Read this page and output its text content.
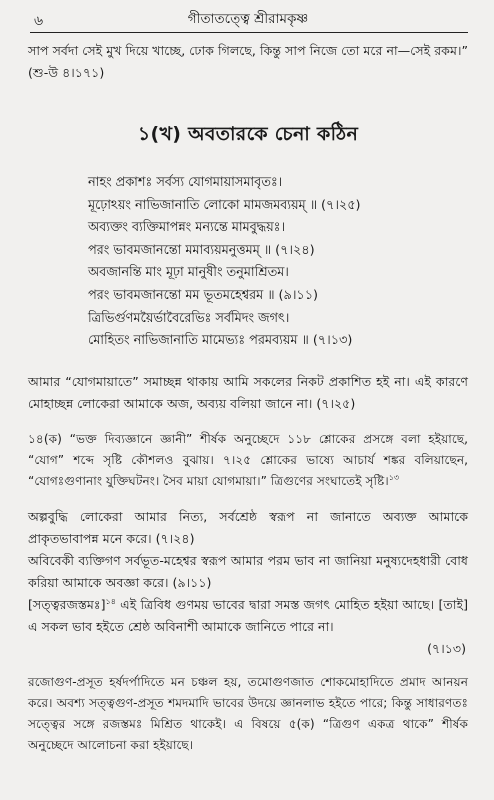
৬	গীতাতত্ত্বে শ্রীরামকৃষ্ণ

সাপ সর্বদা সেই মুখ দিয়ে খাচ্ছে, ঢোক গিলছে, কিন্তু সাপ নিজে তো মরে না—সেই রকম।” (শু-উ ৪।১৭১)

১(খ) অবতারকে চেনা কঠিন
নাহং প্রকাশঃ সর্বস্য যোগমায়াসমাবৃতঃ।
মূঢ়োঽয়ং নাভিজানাতি লোকো মামজমব্যয়ম্ ॥ (৭।২৫)
অব্যক্তং ব্যক্তিমাপন্নং মন্যন্তে মামবুদ্ধয়ঃ।
পরং ভাবমজানন্তো মমাব্যয়মনুত্তমম্ ॥ (৭।২৪)
অবজানন্তি মাং মূঢ়া মানুষীং তনুমাশ্রিতম।
পরং ভাবমজানন্তো মম ভূতমহেশ্বরম ॥ (৯।১১)
ত্রিভির্গুণময়ৈর্ভাবৈরেভিঃ সর্বমিদং জগৎ।
মোহিতং নাভিজানাতি মামেভ্যঃ পরমব্যয়ম ॥ (৭।১৩)

আমার “যোগমায়াতে” সমাচ্ছন্ন থাকায় আমি সকলের নিকট প্রকাশিত হই না। এই কারণে মোহাচ্ছন্ন লোকেরা আমাকে অজ, অব্যয় বলিয়া জানে না। (৭।২৫)

১৪(ক) “ভক্ত দিব্যজ্ঞানে জ্ঞানী” শীর্ষক অনুচ্ছেদে ১১৮ শ্লোকের প্রসঙ্গে বলা হইয়াছে, “যোগ” শব্দে সৃষ্টি কৌশলও বুঝায়। ৭।২৫ শ্লোকের ভাষ্যে আচার্য শঙ্কর বলিয়াছেন, “যোগঃগুণানাং যুক্তিঘটনং। সৈব মায়া যোগমায়া।” ত্রিগুণের সংঘাতেই সৃষ্টি।$^{১৩}$

অল্পবুদ্ধি লোকেরা আমার নিত্য, সর্বশ্রেষ্ঠ স্বরূপ না জানাতে অব্যক্ত আমাকে প্রাকৃতভাবাপন্ন মনে করে। (৭।২৪)

অবিবেকী ব্যক্তিগণ সর্বভূত-মহেশ্বর স্বরূপ আমার পরম ভাব না জানিয়া মনুষ্যদেহধারী বোধ করিয়া আমাকে অবজ্ঞা করে। (৯।১১)

[সত্ত্বরজস্তমঃ]$^{১৪}$ এই ত্রিবিধ গুণময় ভাবের দ্বারা সমস্ত জগৎ মোহিত হইয়া আছে। [তাই] এ সকল ভাব হইতে শ্রেষ্ঠ অবিনাশী আমাকে জানিতে পারে না।

(৭।১৩)

রজোগুণ-প্রসূত হর্ষদর্পাদিতে মন চঞ্চল হয়, তমোগুণজাত শোকমোহাদিতে প্রমাদ আনয়ন করে। অবশ্য সত্ত্বগুণ-প্রসূত শমদমাদি ভাবের উদয়ে জ্ঞানলাভ হইতে পারে; কিন্তু সাধারণতঃ সত্ত্বের সঙ্গে রজস্তমঃ মিশ্রিত থাকেই। এ বিষয়ে ৫(ক) “ত্রিগুণ একত্র থাকে” শীর্ষক অনুচ্ছেদে আলোচনা করা হইয়াছে।
